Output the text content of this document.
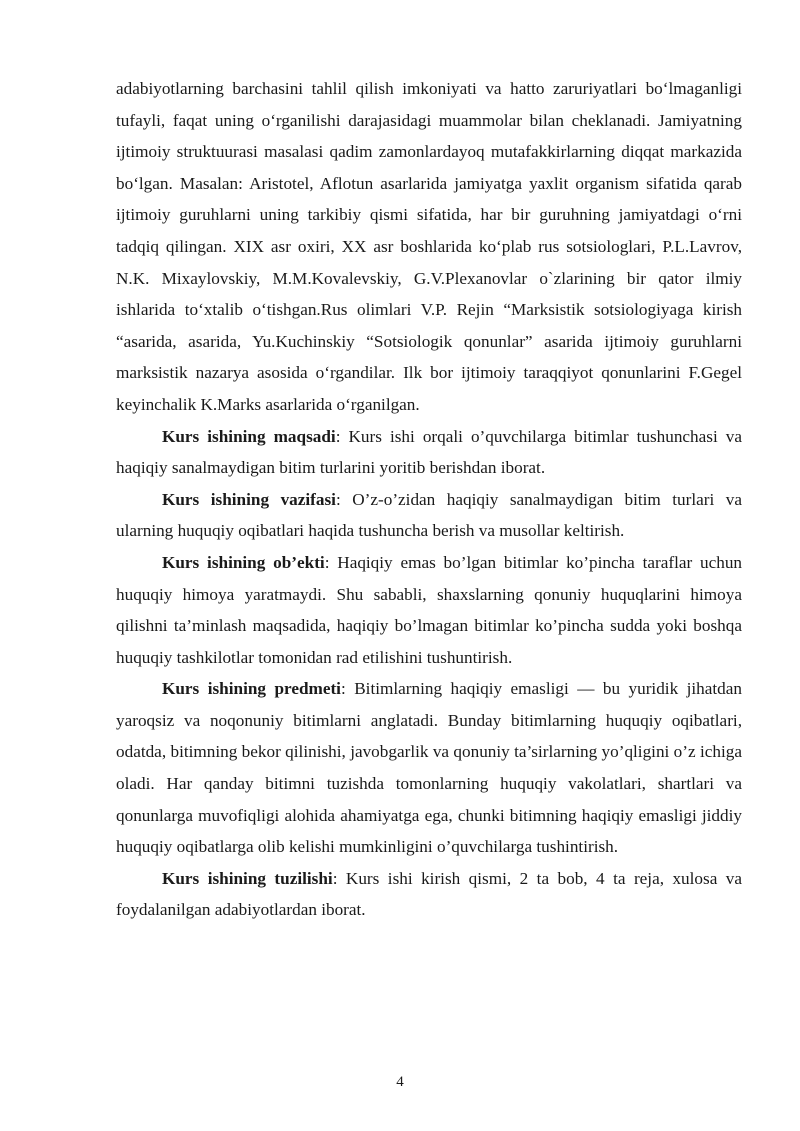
adabiyotlarning barchasini tahlil qilish imkoniyati va hatto zaruriyatlari bo‘lmaganligi tufayli, faqat uning o‘rganilishi darajasidagi muammolar bilan cheklanadi. Jamiyatning ijtimoiy struktuurasi masalasi qadim zamonlardayoq mutafakkirlarning diqqat markazida bo‘lgan. Masalan: Aristotel, Aflotun asarlarida jamiyatga yaxlit organism sifatida qarab ijtimoiy guruhlarni uning tarkibiy qismi sifatida, har bir guruhning jamiyatdagi o‘rni tadqiq qilingan. XIX asr oxiri, XX asr boshlarida ko‘plab rus sotsiologlari, P.L.Lavrov, N.K. Mixaylovskiy, M.M.Kovalevskiy, G.V.Plexanovlar o`zlarining bir qator ilmiy ishlarida to‘xtalib o‘tishgan.Rus olimlari V.P. Rejin “Marksistik sotsiologiyaga kirish “asarida, asarida, Yu.Kuchinskiy “Sotsiologik qonunlar” asarida ijtimoiy guruhlarni marksistik nazarya asosida o‘rgandilar. Ilk bor ijtimoiy taraqqiyot qonunlarini F.Gegel keyinchalik K.Marks asarlarida o‘rganilgan.

Kurs ishining maqsadi: Kurs ishi orqali o’quvchilarga bitimlar tushunchasi va haqiqiy sanalmaydigan bitim turlarini yoritib berishdan iborat.

Kurs ishining vazifasi: O’z-o’zidan haqiqiy sanalmaydigan bitim turlari va ularning huquqiy oqibatlari haqida tushuncha berish va musollar keltirish.

Kurs ishining ob’ekti: Haqiqiy emas bo’lgan bitimlar ko’pincha taraflar uchun huquqiy himoya yaratmaydi. Shu sababli, shaxslarning qonuniy huquqlarini himoya qilishni ta’minlash maqsadida, haqiqiy bo’lmagan bitimlar ko’pincha sudda yoki boshqa huquqiy tashkilotlar tomonidan rad etilishini tushuntirish.

Kurs ishining predmeti: Bitimlarning haqiqiy emasligi — bu yuridik jihatdan yaroqsiz va noqonuniy bitimlarni anglatadi. Bunday bitimlarning huquqiy oqibatlari, odatda, bitimning bekor qilinishi, javobgarlik va qonuniy ta’sirlarning yo’qligini o’z ichiga oladi. Har qanday bitimni tuzishda tomonlarning huquqiy vakolatlari, shartlari va qonunlarga muvofiqligi alohida ahamiyatga ega, chunki bitimning haqiqiy emasligi jiddiy huquqiy oqibatlarga olib kelishi mumkinligini o’quvchilarga tushintirish.

Kurs ishining tuzilishi: Kurs ishi kirish qismi, 2 ta bob, 4 ta reja, xulosa va foydalanilgan adabiyotlardan iborat.

4
